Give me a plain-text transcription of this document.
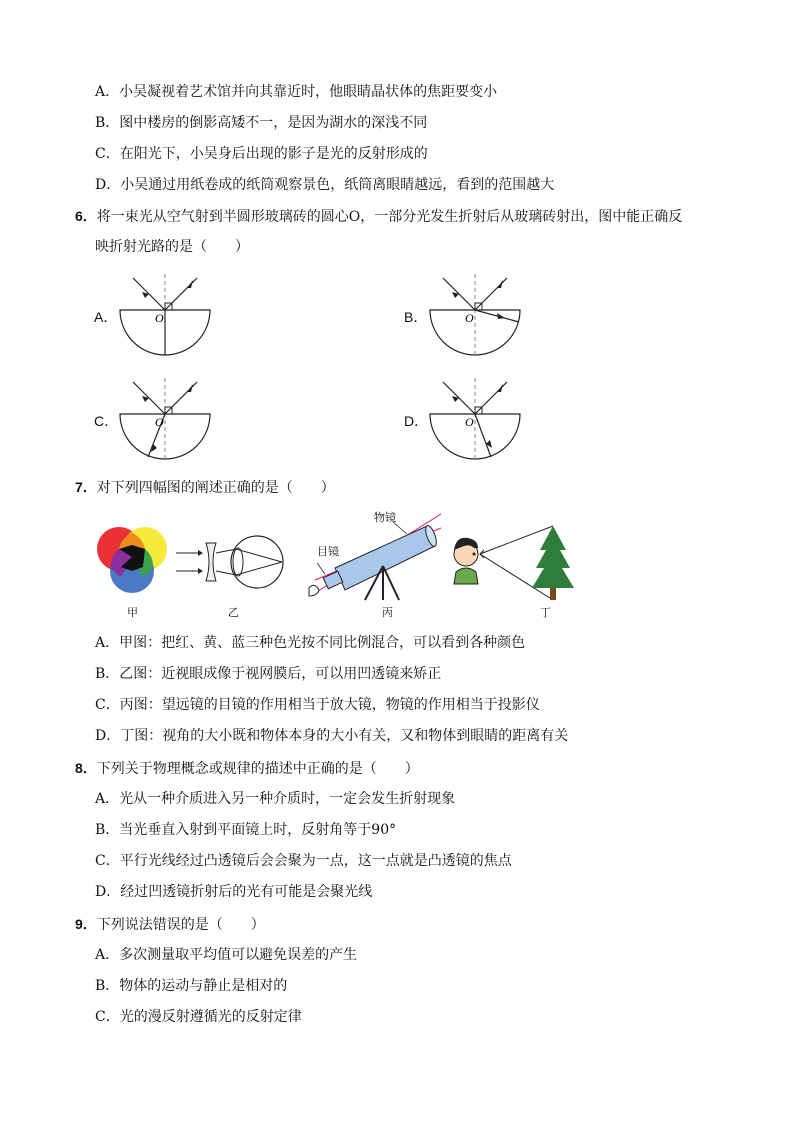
A．小吴凝视着艺术馆并向其靠近时，他眼睛晶状体的焦距要变小
B．图中楼房的倒影高矮不一，是因为湖水的深浅不同
C．在阳光下，小吴身后出现的影子是光的反射形成的
D．小吴通过用纸卷成的纸筒观察景色，纸筒离眼睛越远，看到的范围越大
6．将一束光从空气射到半圆形玻璃砖的圆心O，一部分光发生折射后从玻璃砖射出，图中能正确反
映折射光路的是（　　）
A．	O	B．	O
C．	O	D．	O
7．对下列四幅图的阐述正确的是（　　）
甲	乙
物镜
目镜
丙	丁
A．甲图：把红、黄、蓝三种色光按不同比例混合，可以看到各种颜色
B．乙图：近视眼成像于视网膜后，可以用凹透镜来矫正
C．丙图：望远镜的目镜的作用相当于放大镜，物镜的作用相当于投影仪
D．丁图：视角的大小既和物体本身的大小有关，又和物体到眼睛的距离有关
8．下列关于物理概念或规律的描述中正确的是（　　）
A．光从一种介质进入另一种介质时，一定会发生折射现象
B．当光垂直入射到平面镜上时，反射角等于90°
C．平行光线经过凸透镜后会会聚为一点，这一点就是凸透镜的焦点
D．经过凹透镜折射后的光有可能是会聚光线
9．下列说法错误的是（　　）
A．多次测量取平均值可以避免误差的产生
B．物体的运动与静止是相对的
C．光的漫反射遵循光的反射定律
